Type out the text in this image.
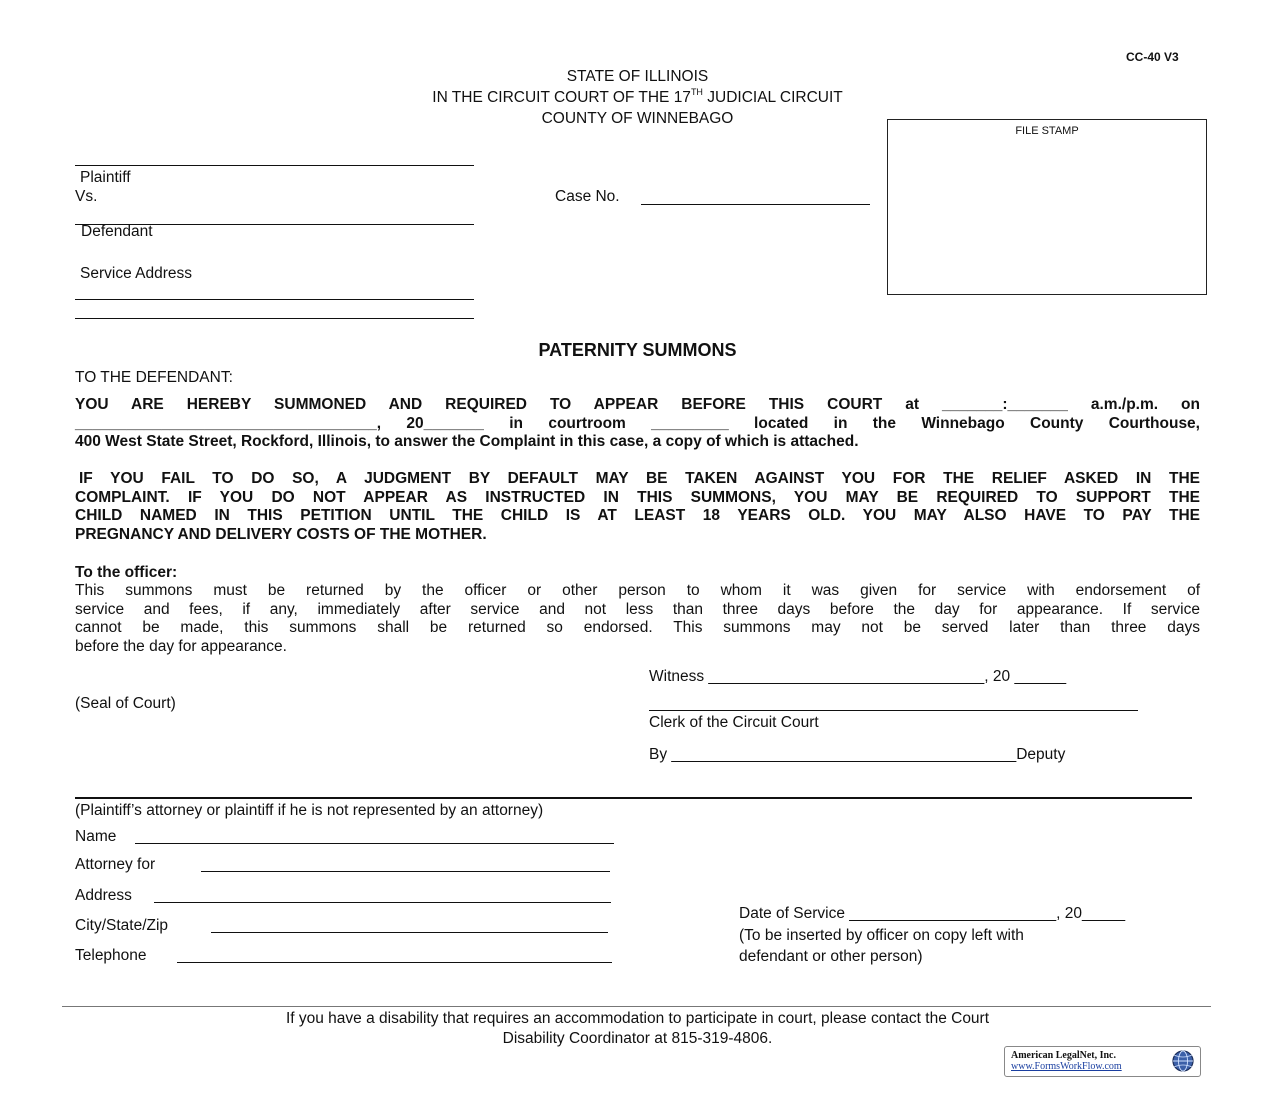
CC-40 V3
STATE OF ILLINOIS
IN THE CIRCUIT COURT OF THE 17TH JUDICIAL CIRCUIT
COUNTY OF WINNEBAGO
FILE STAMP
Plaintiff
Vs.	Case No.
Defendant
Service Address
PATERNITY SUMMONS
TO THE DEFENDANT:
YOU ARE HEREBY SUMMONED AND REQUIRED TO APPEAR BEFORE THIS COURT at _______:_______ a.m./p.m. on
___________________________________, 20_______ in courtroom _________ located in the Winnebago County Courthouse,
400 West State Street, Rockford, Illinois, to answer the Complaint in this case, a copy of which is attached.
IF YOU FAIL TO DO SO, A JUDGMENT BY DEFAULT MAY BE TAKEN AGAINST YOU FOR THE RELIEF ASKED IN THE
COMPLAINT. IF YOU DO NOT APPEAR AS INSTRUCTED IN THIS SUMMONS, YOU MAY BE REQUIRED TO SUPPORT THE
CHILD NAMED IN THIS PETITION UNTIL THE CHILD IS AT LEAST 18 YEARS OLD. YOU MAY ALSO HAVE TO PAY THE
PREGNANCY AND DELIVERY COSTS OF THE MOTHER.
To the officer:
This summons must be returned by the officer or other person to whom it was given for service with endorsement of
service and fees, if any, immediately after service and not less than three days before the day for appearance. If service
cannot be made, this summons shall be returned so endorsed. This summons may not be served later than three days
before the day for appearance.
Witness ________________________________, 20 ______
(Seal of Court)
Clerk of the Circuit Court
By ________________________________________Deputy
(Plaintiff’s attorney or plaintiff if he is not represented by an attorney)
Name
Attorney for
Address
City/State/Zip
Telephone
Date of Service ________________________, 20_____
(To be inserted by officer on copy left with
defendant or other person)
If you have a disability that requires an accommodation to participate in court, please contact the Court
Disability Coordinator at 815-319-4806.
American LegalNet, Inc.
www.FormsWorkFlow.com
